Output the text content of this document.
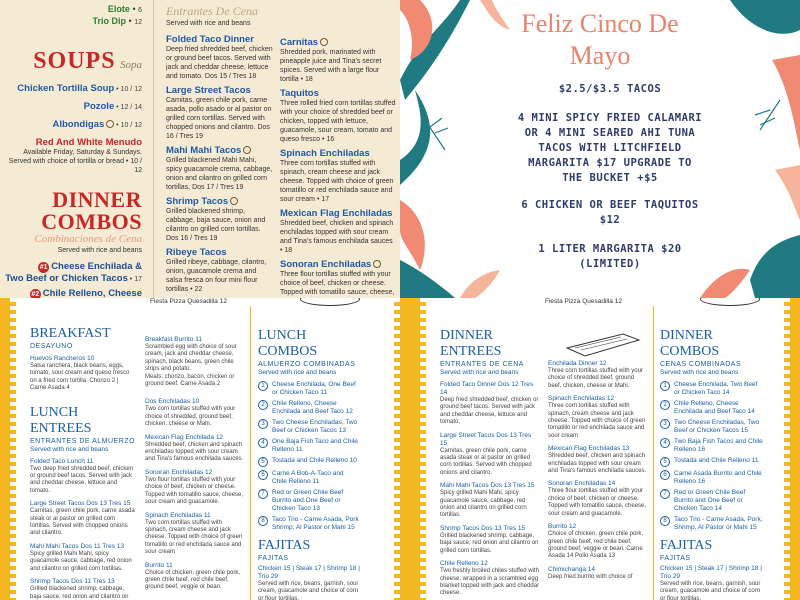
Elote • 6
Trio Dip • 12
SOUPS Sopa
Chicken Tortilla Soup • 10 / 12
Pozole • 12 / 14
Albondigas • 10 / 12
Red And White Menudo
Available Friday, Saturday & Sundays.
Served with choice of tortilla or bread • 10 / 12
DINNER COMBOS
Combinaciones de Cena
Served with rice and beans
#1 Cheese Enchilada &
Two Beef or Chicken Tacos • 17
#2 Chile Relleno, Cheese
Entrantes De Cena
Served with rice and beans
Folded Taco Dinner
Deep fried shredded beef, chicken or ground beef tacos. Served with jack and cheddar cheese, lettuce and tomato. Dos 15 / Tres 18
Large Street Tacos
Carnitas, green chile pork, carne asada, pollo asado or al pastor on grilled corn tortillas. Served with chopped onions and cilantro. Dos 16 / Tres 19
Mahi Mahi Tacos
Grilled blackened Mahi Mahi, spicy guacamole crema, cabbage, onion and cilantro on grilled corn tortillas. Dos 17 / Tres 19
Shrimp Tacos
Grilled blackened shrimp, cabbage, baja sauce, onion and cilantro on grilled corn tortillas. Dos 16 / Tres 19
Ribeye Tacos
Grilled ribeye, cabbage, cilantro, onion, guacamole crema and salsa fresca on four mini flour tortillas • 22
Carnitas
Shredded pork, marinated with pineapple juice and Tina's secret spices. Served with a large flour tortilla • 18
Taquitos
Three rolled fried corn tortillas stuffed with your choice of shredded beef or chicken, topped with lettuce, guacamole, sour cream, tomato and queso fresco • 16
Spinach Enchiladas
Three corn tortillas stuffed with spinach, cream cheese and jack cheese. Topped with choice of green tomatillo or red enchilada sauce and sour cream • 17
Mexican Flag Enchiladas
Shredded beef, chicken and spinach enchiladas topped with sour cream and Tina's famous enchilada sauces • 18
Sonoran Enchiladas
Three flour tortillas stuffed with your choice of beef, chicken or cheese. Topped with tomatillo sauce, cheese,
Feliz Cinco De
Mayo
$2.5/$3.5 TACOS
4 MINI SPICY FRIED CALAMARI
OR 4 MINI SEARED AHI TUNA
TACOS WITH LITCHFIELD
MARGARITA $17 UPGRADE TO
THE BUCKET +$5
6 CHICKEN OR BEEF TAQUITOS
$12
1 LITER MARGARITA $20
(LIMITED)
Fiesta Pizza Quesadilla 12
BREAKFAST
DESAYUNO
Huevos Rancheros 10
Salsa ranchera, black beans, eggs, tomato, sour cream and queso fresco on a fried corn tortilla. Chorizo 2 | Carne Asada 4
LUNCH ENTREES
ENTRANTES DE ALMUERZO
Served with rice and beans
Folded Taco Lunch 11
Two deep fried shredded beef, chicken or ground beef tacos. Served with jack and cheddar cheese, lettuce and tomato.
Large Street Tacos Dos 13 Tres 15
Carnitas, green chile pork, carne asada steak or al pastor on grilled corn tortillas. Served with chopped onions and cilantro.
Mahi Mahi Tacos Dos 11 Tres 13
Spicy grilled Mahi Mahi, spicy guacamole sauce, cabbage, red onion and cilantro on grilled corn tortillas.
Shrimp Tacos Dos 11 Tres 13
Grilled blackened shrimp, cabbage, baja sauce, red onion and cilantro on
Breakfast Burrito 11
Scrambled egg with choice of sour cream, jack and cheddar cheese, spinach, black beans, green chile strips and potato.
Meats: chorizo, bacon, chicken or ground beef. Carne Asada 2
Dos Enchiladas 10
Two corn tortillas stuffed with your choice of shredded, ground beef, chicken, cheese or Mahi.
Mexican Flag Enchilada 12
Shredded beef, chicken and spinach enchiladas topped with sour cream and Tina's famous enchilada sauces.
Sonoran Enchiladas 12
Two flour tortillas stuffed with your choice of beef, chicken or cheese. Topped with tomatillo sauce, cheese, sour cream and guacamole.
Spinach Enchiladas 11
Two corn tortillas stuffed with spinach, cream cheese and jack cheese. Topped with choice of green tomatillo or red enchilada sauce and sour cream
Burrito 11
Choice of chicken, green chile pork, green chile beef, red chile beef, ground beef, veggie or bean.
LUNCH COMBOS
ALMUERZO COMBINADAS
Served with rice and beans
1	Cheese Enchilada, One Beef or Chicken Taco 11
2	Chile Relleno, Cheese Enchilada and Beef Taco 12
3	Two Cheese Enchiladas, Two Beef or Chicken Tacos 13
4	One Baja Fish Taco and Chile Relleno 11
5	Tostada and Chile Relleno 10
6	Carne A Bob-A-Taco and Chile Relleno 11
7	Red or Green Chile Beef Burrito and One Beef or Chicken Taco 13
8	Taco Trio - Carne Asada, Pork Shrimp, Al Pastor or Mahi 15
FAJITAS
FAJITAS
Chicken 15 | Steak 17 | Shrimp 18 | Trio 29
Served with rice, beans, garnish, sour cream, guacamole and choice of corn or flour tortillas.
Fiesta Pizza Quesadilla 12
DINNER ENTREES
ENTRANTES DE CENA
Served with rice and beans
Folded Taco Dinner Dos 12 Tres 14
Deep fried shredded beef, chicken or ground beef tacos. Served with jack and cheddar cheese, lettuce and tomato.
Large Street Tacos Dos 13 Tres 15
Carnitas, green chile pork, carne asada steak or al pastor on grilled corn tortillas. Served with chopped onions and cilantro.
Mahi Mahi Tacos Dos 13 Tres 15
Spicy grilled Mahi Mahi, spicy guacamole sauce, cabbage, red onion and cilantro on grilled corn tortillas.
Shrimp Tacos Dos 13 Tres 15
Grilled blackened shrimp, cabbage, baja sauce, red onion and cilantro on grilled corn tortillas.
Chile Relleno 12
Two freshly broiled chiles stuffed with cheese, wrapped in a scrambled egg blanket topped with jack and cheddar cheese.
Enchilada Dinner 12
Three corn tortillas stuffed with your choice of shredded beef, ground beef, chicken, cheese or Mahi.
Spinach Enchiladas 12
Three corn tortillas stuffed with spinach, cream cheese and jack cheese. Topped with choice of green tomatillo or red enchilada sauce and sour cream
Mexican Flag Enchiladas 13
Shredded beef, chicken and spinach enchiladas topped with sour cream and Tina's famous enchilada sauces.
Sonoran Enchiladas 14
Three flour tortillas stuffed with your choice of beef, chicken or cheese. Topped with tomatillo sauce, cheese, sour cream and guacamole.
Burrito 12
Choice of chicken, green chile pork, green chile beef, red chile beef, ground beef, veggie or bean. Carne Asada 14 Pollo Asada 13
Chimichanga 14
Deep fried burrito with choice of
DINNER COMBOS
CENAS COMBINADAS
Served with rice and beans
1	Cheese Enchilada, Two Beef or Chicken Taco 14
2	Chile Relleno, Cheese Enchilada and Beef Taco 14
3	Two Cheese Enchiladas, Two Beef or Chicken Tacos 15
4	Two Baja Fish Tacos and Chile Relleno 16
5	Tostada and Chile Relleno 11
6	Carne Asada Burrito and Chile Relleno 16
7	Red or Green Chile Beef Burrito and One Beef or Chicken Taco 14
8	Taco Trio - Carne Asada, Pork, Shrimp, Al Pastor or Mahi 15
FAJITAS
FAJITAS
Chicken 15 | Steak 17 | Shrimp 18 | Trio 29
Served with rice, beans, garnish, sour cream, guacamole and choice of corn or flour tortillas.
